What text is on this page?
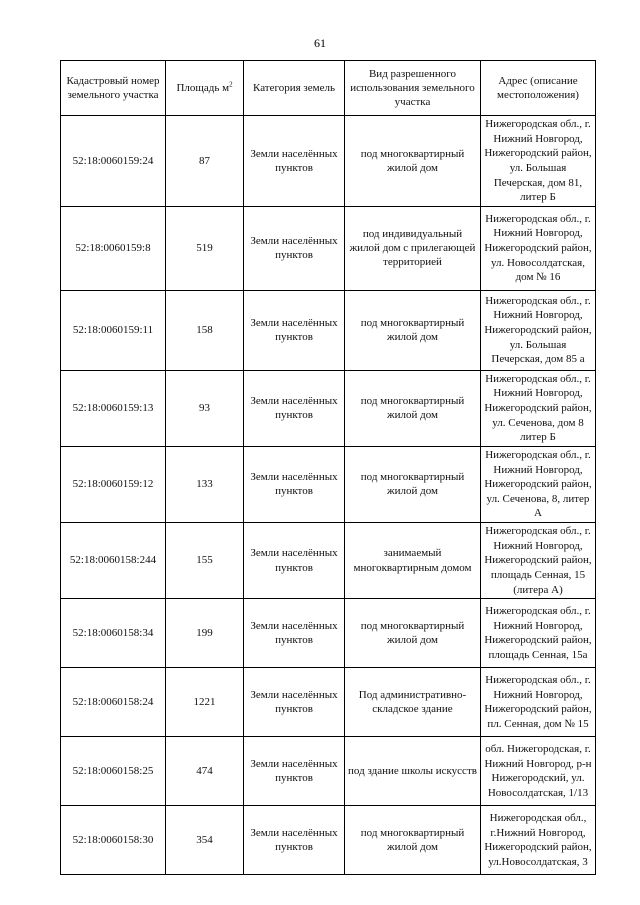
61
Кадастровый номер земельного участка	Площадь $м^2$	Категория земель	Вид разрешенного использования земельного участка	Адрес (описание местоположения)
52:18:0060159:24	87	Земли населённых пунктов	под многоквартирный жилой дом	Нижегородская обл., г. Нижний Новгород, Нижегородский район, ул. Большая Печерская, дом 81, литер Б
52:18:0060159:8	519	Земли населённых пунктов	под индивидуальный жилой дом с прилегающей территорией	Нижегородская обл., г. Нижний Новгород, Нижегородский район, ул. Новосолдатская, дом № 16
52:18:0060159:11	158	Земли населённых пунктов	под многоквартирный жилой дом	Нижегородская обл., г. Нижний Новгород, Нижегородский район, ул. Большая Печерская, дом 85 а
52:18:0060159:13	93	Земли населённых пунктов	под многоквартирный жилой дом	Нижегородская обл., г. Нижний Новгород, Нижегородский район, ул. Сеченова, дом 8 литер Б
52:18:0060159:12	133	Земли населённых пунктов	под многоквартирный жилой дом	Нижегородская обл., г. Нижний Новгород, Нижегородский район, ул. Сеченова, 8, литер А
52:18:0060158:244	155	Земли населённых пунктов	занимаемый многоквартирным домом	Нижегородская обл., г. Нижний Новгород, Нижегородский район, площадь Сенная, 15 (литера А)
52:18:0060158:34	199	Земли населённых пунктов	под многоквартирный жилой дом	Нижегородская обл., г. Нижний Новгород, Нижегородский район, площадь Сенная, 15а
52:18:0060158:24	1221	Земли населённых пунктов	Под административно-складское здание	Нижегородская обл., г. Нижний Новгород, Нижегородский район, пл. Сенная, дом № 15
52:18:0060158:25	474	Земли населённых пунктов	под здание школы искусств	обл. Нижегородская, г. Нижний Новгород, р-н Нижегородский, ул. Новосолдатская, 1/13
52:18:0060158:30	354	Земли населённых пунктов	под многоквартирный жилой дом	Нижегородская обл., г.Нижний Новгород, Нижегородский район, ул.Новосолдатская, 3
